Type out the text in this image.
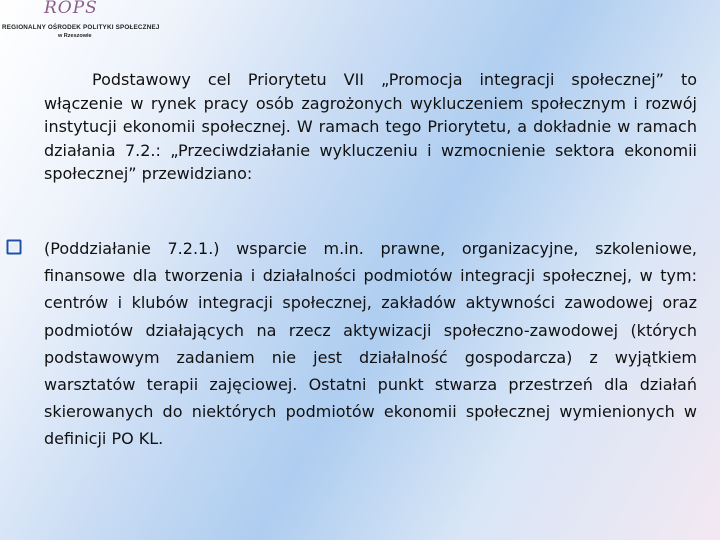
ROPS
REGIONALNY OŚRODEK POLITYKI SPOŁECZNEJ
w Rzeszowie
Podstawowy cel Priorytetu VII „Promocja integracji społecznej” to włączenie w rynek pracy osób zagrożonych wykluczeniem społecznym i rozwój instytucji ekonomii społecznej. W ramach tego Priorytetu, a dokładnie w ramach działania 7.2.: „Przeciwdziałanie wykluczeniu i wzmocnienie sektora ekonomii społecznej” przewidziano:
(Poddziałanie 7.2.1.) wsparcie m.in. prawne, organizacyjne, szkoleniowe, finansowe dla tworzenia i działalności podmiotów integracji społecznej, w tym: centrów i klubów integracji społecznej, zakładów aktywności zawodowej oraz podmiotów działających na rzecz aktywizacji społeczno-zawodowej (których podstawowym zadaniem nie jest działalność gospodarcza) z wyjątkiem warsztatów terapii zajęciowej. Ostatni punkt stwarza przestrzeń dla działań skierowanych do niektórych podmiotów ekonomii społecznej wymienionych w definicji PO KL.
